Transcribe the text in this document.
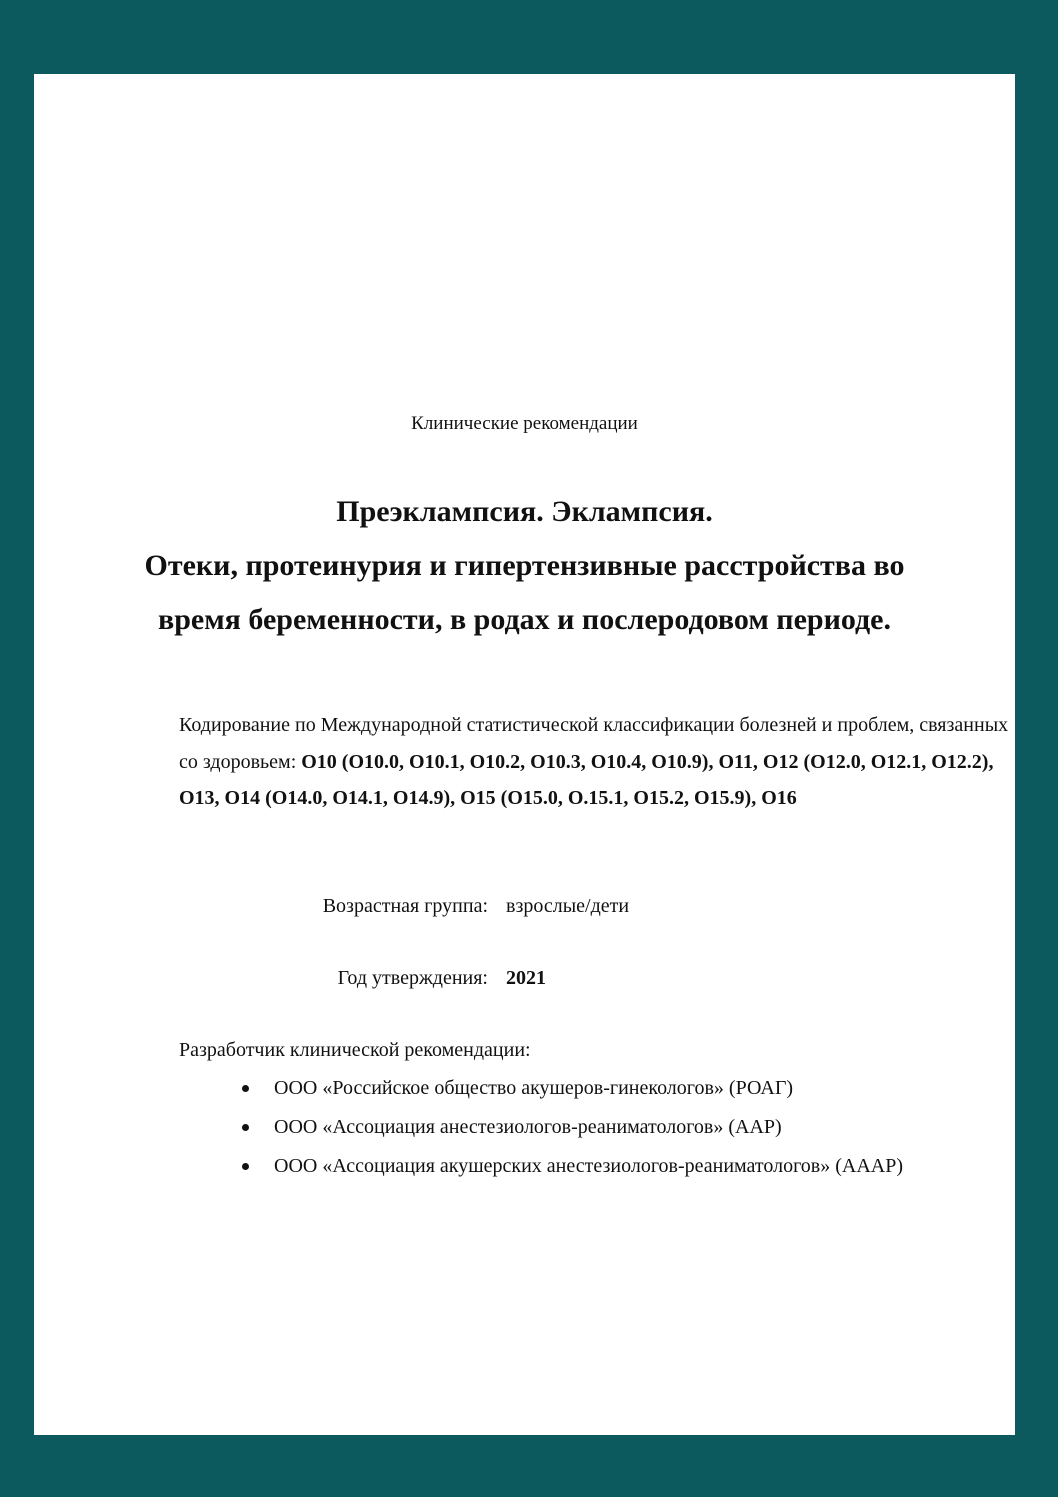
Клинические рекомендации
Преэклампсия. Эклампсия.
Отеки, протеинурия и гипертензивные расстройства во
время беременности, в родах и послеродовом периоде.
Кодирование по Международной статистической классификации болезней и проблем, связанных со здоровьем: O10 (O10.0, O10.1, O10.2, O10.3, O10.4, O10.9), O11, O12 (O12.0, O12.1, O12.2), O13, O14 (O14.0, O14.1, O14.9), O15 (O15.0, O.15.1, O15.2, O15.9), O16
Возрастная группа: взрослые/дети
Год утверждения: 2021
Разработчик клинической рекомендации:
ООО «Российское общество акушеров-гинекологов» (РОАГ)
ООО «Ассоциация анестезиологов-реаниматологов» (ААР)
ООО «Ассоциация акушерских анестезиологов-реаниматологов» (АААР)
